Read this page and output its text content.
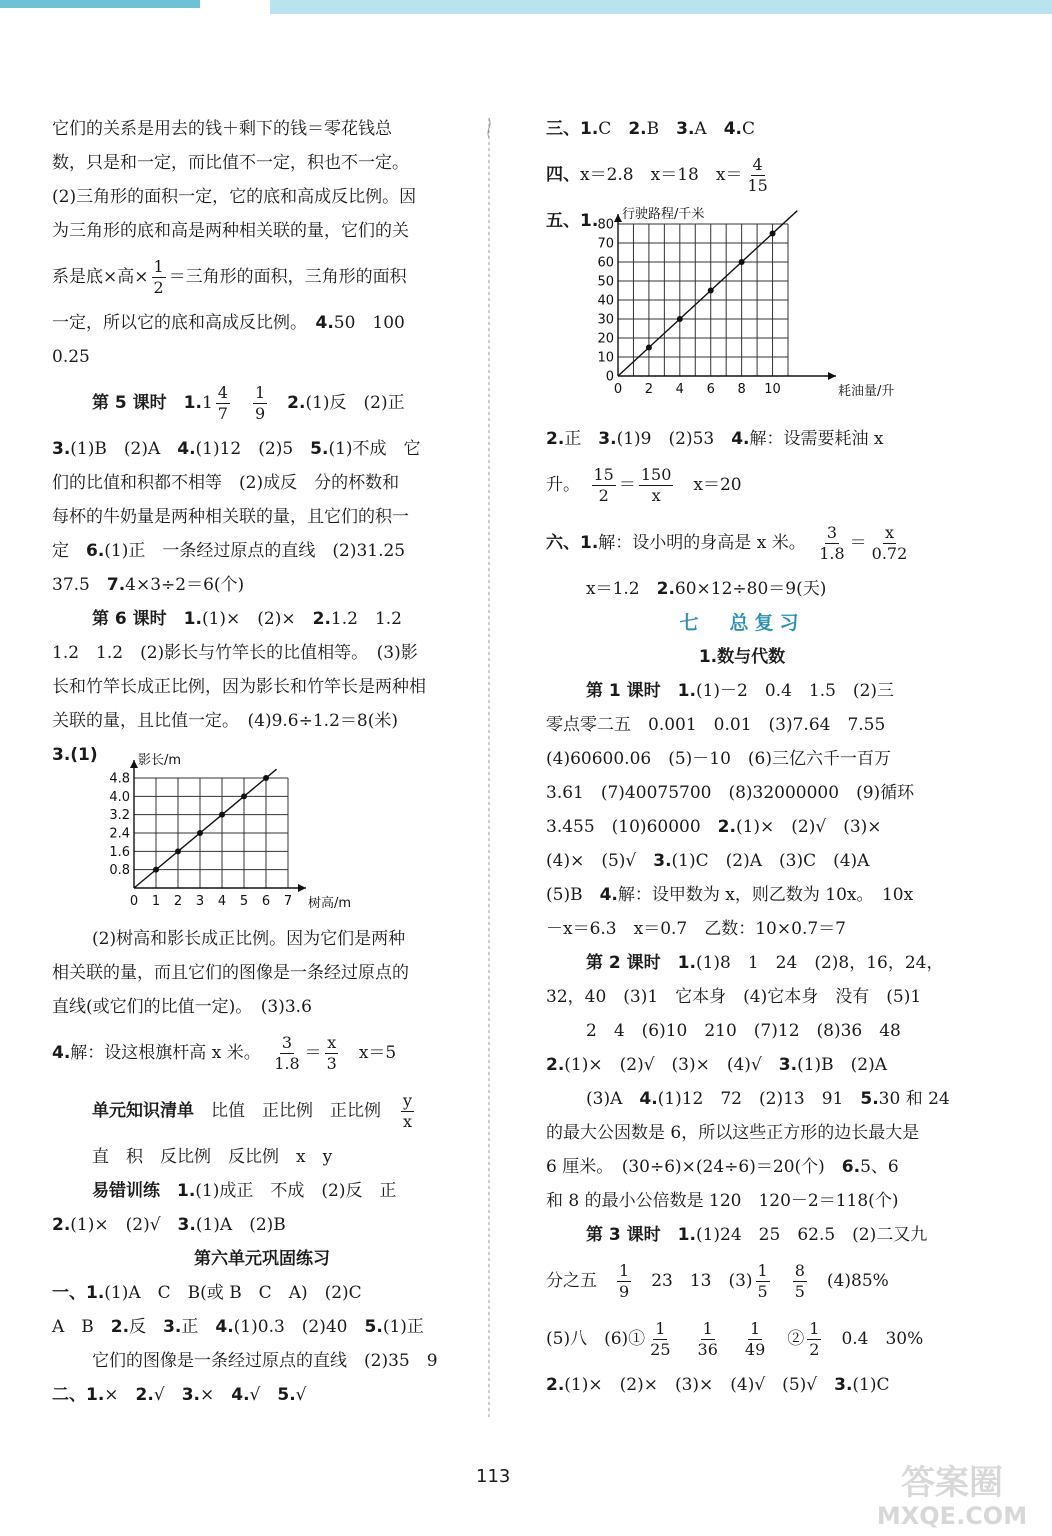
它们的关系是用去的钱＋剩下的钱＝零花钱总
数，只是和一定，而比值不一定，积也不一定。
(2)三角形的面积一定，它的底和高成反比例。因
为三角形的底和高是两种相关联的量，它们的关
系是底×高× $\frac{1}{2}$ ＝三角形的面积，三角形的面积
一定，所以它的底和高成反比例。　 4.50　100
0.25
第 5 课时　 $1.1 \frac{4}{7}$
　 $\frac{1}{9}$
　 2.(1)反　(2)正
3.(1)B　(2)A　4.(1)12　(2)5　5.(1)不成　它
们的比值和积都不相等　(2)成反　分的杯数和
每杯的牛奶量是两种相关联的量，且它们的积一
定　6.(1)正　一条经过原点的直线　(2)31.25
37.5　7.4×3÷2＝6(个)
第 6 课时　 1.(1)×　(2)×　2.1.2　1.2
1.2　1.2　(2)影长与竹竿长的比值相等。　(3)影
长和竹竿长成正比例，因为影长和竹竿长是两种相
关联的量，且比值一定。　(4)9.6÷1.2＝8(米)
3.(1)
(2)树高和影长成正比例。因为它们是两种
相关联的量，而且它们的图像是一条经过原点的
直线(或它们的比值一定)。　(3)3.6
4.解：设这根旗杆高 x 米。　 $\frac{3}{1.8} = \frac{x}{3}$
　 x＝5
单元知识清单　 比值　正比例　正比例　 $\frac{y}{x}$
直　积　反比例　反比例　x　y
易错训练　 1.(1)成正　不成　(2)反　正
2.(1)×　(2)√　3.(1)A　(2)B
第六单元巩固练习
一、1.(1)A　C　B(或 B　C　A)　(2)C
A　B　2.反　3.正　4.(1)0.3　(2)40　5.(1)正
它们的图像是一条经过原点的直线　(2)35　9
二、1.×　2.√　3.×　4.√　5.√
0 1 2 3 4 5 6 7
0.8
1.6
2.4
3.2
4.0
4.8
树高/m
影长/m
三、1.C　2.B　3.A　4.C
四、x＝2.8　x＝18　$x= \frac{4}{15}$
五、1.
2.正　3.(1)9　(2)53　4.解：设需要耗油 x
升。　 $\frac{15}{2} = \frac{150}{x}$
　 x＝20
六、1.解：设小明的身高是 x 米。　 $\frac{3}{1.8} = \frac{x}{0.72}$
x＝1.2　2.60×12÷80＝9(天)
七　总复习
1.数与代数
第 1 课时　 1.(1)－2　0.4　1.5　(2)三
零点零二五　0.001　0.01　(3)7.64　7.55
(4)60600.06　(5)－10　(6)三亿六千一百万
3.61　(7)40075700　(8)32000000　(9)循环
3.455　(10)60000　2.(1)×　(2)√　(3)×
(4)×　(5)√　3.(1)C　(2)A　(3)C　(4)A
(5)B　4.解：设甲数为 x，则乙数为 10x。　10x
－x＝6.3　x＝0.7　乙数：10×0.7＝7
第 2 课时　 1.(1)8　1　24　(2)8，16，24，
32，40　(3)1　它本身　(4)它本身　没有　(5)1
2　4　(6)10　210　(7)12　(8)36　48
2.(1)×　(2)√　(3)×　(4)√　3.(1)B　(2)A
(3)A　4.(1)12　72　(2)13　91　5.30 和 24
的最大公因数是 6，所以这些正方形的边长最大是
6 厘米。　(30÷6)×(24÷6)＝20(个)　6.5、6
和 8 的最小公倍数是 120　120－2＝118(个)
第 3 课时　 1.(1)24　25　62.5　(2)二又九
分之五　 $\frac{1}{9}$
　 23　13　$(3) \frac{1}{5}$
　 $\frac{8}{5}$
　 (4)85%
(5)八　(6)① $\frac{1}{25}$
　 $\frac{1}{36}$
　 $\frac{1}{49}$
　 ② $\frac{1}{2}$
　 0.4　30%
2.(1)×　(2)×　(3)×　(4)√　(5)√　3.(1)C
0 2 4 6 8 10
0
10
20
30
40
50
60
70
80
耗油量/升
行驶路程/千米
113	答案圈
MXQE.COM
